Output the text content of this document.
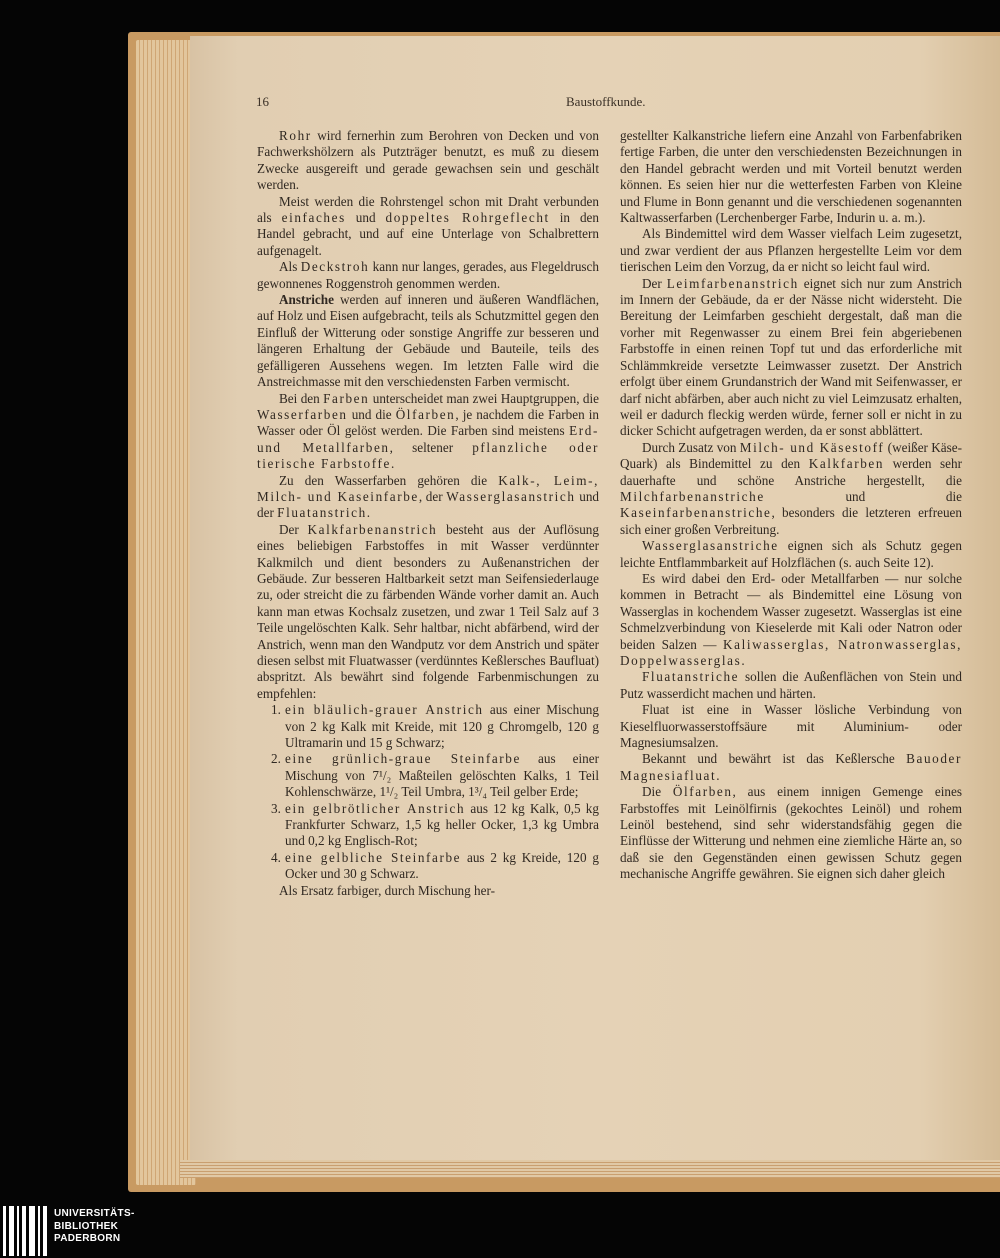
16	Baustoffkunde.

Rohr wird fernerhin zum Berohren von Decken und von Fachwerkshölzern als Putzträger benutzt, es muß zu diesem Zwecke ausgereift und gerade gewachsen sein und geschält werden.

Meist werden die Rohrstengel schon mit Draht verbunden als einfaches und doppeltes Rohrgeflecht in den Handel gebracht, und auf eine Unterlage von Schalbrettern aufgenagelt.

Als Deckstroh kann nur langes, gerades, aus Flegeldrusch gewonnenes Roggenstroh genommen werden.

Anstriche werden auf inneren und äußeren Wandflächen, auf Holz und Eisen aufgebracht, teils als Schutzmittel gegen den Einfluß der Witterung oder sonstige Angriffe zur besseren und längeren Erhaltung der Gebäude und Bauteile, teils des gefälligeren Aussehens wegen. Im letzten Falle wird die Anstreichmasse mit den verschiedensten Farben vermischt.

Bei den Farben unterscheidet man zwei Hauptgruppen, die Wasserfarben und die Ölfarben, je nachdem die Farben in Wasser oder Öl gelöst werden. Die Farben sind meistens Erd- und Metallfarben, seltener pflanzliche oder tierische Farbstoffe.

Zu den Wasserfarben gehören die Kalk-, Leim-, Milch- und Kaseinfarbe, der Wasserglasanstrich und der Fluatanstrich.

Der Kalkfarbenanstrich besteht aus der Auflösung eines beliebigen Farbstoffes in mit Wasser verdünnter Kalkmilch und dient besonders zu Außenanstrichen der Gebäude. Zur besseren Haltbarkeit setzt man Seifensiederlauge zu, oder streicht die zu färbenden Wände vorher damit an. Auch kann man etwas Kochsalz zusetzen, und zwar 1 Teil Salz auf 3 Teile ungelöschten Kalk. Sehr haltbar, nicht abfärbend, wird der Anstrich, wenn man den Wandputz vor dem Anstrich und später diesen selbst mit Fluatwasser (verdünntes Keßlersches Baufluat) abspritzt. Als bewährt sind folgende Farbenmischungen zu empfehlen:

1. ein bläulich-grauer Anstrich aus einer Mischung von 2 kg Kalk mit Kreide, mit 120 g Chromgelb, 120 g Ultramarin und 15 g Schwarz;
2. eine grünlich-graue Steinfarbe aus einer Mischung von 7¹/₂ Maßteilen gelöschten Kalks, 1 Teil Kohlenschwärze, 1¹/₂ Teil Umbra, 1³/₄ Teil gelber Erde;
3. ein gelbrötlicher Anstrich aus 12 kg Kalk, 0,5 kg Frankfurter Schwarz, 1,5 kg heller Ocker, 1,3 kg Umbra und 0,2 kg Englisch-Rot;
4. eine gelbliche Steinfarbe aus 2 kg Kreide, 120 g Ocker und 30 g Schwarz.

Als Ersatz farbiger, durch Mischung her-

gestellter Kalkanstriche liefern eine Anzahl von Farbenfabriken fertige Farben, die unter den verschiedensten Bezeichnungen in den Handel gebracht werden und mit Vorteil benutzt werden können. Es seien hier nur die wetterfesten Farben von Kleine und Flume in Bonn genannt und die verschiedenen sogenannten Kaltwasserfarben (Lerchenberger Farbe, Indurin u. a. m.).

Als Bindemittel wird dem Wasser vielfach Leim zugesetzt, und zwar verdient der aus Pflanzen hergestellte Leim vor dem tierischen Leim den Vorzug, da er nicht so leicht faul wird.

Der Leimfarbenanstrich eignet sich nur zum Anstrich im Innern der Gebäude, da er der Nässe nicht widersteht. Die Bereitung der Leimfarben geschieht dergestalt, daß man die vorher mit Regenwasser zu einem Brei fein abgeriebenen Farbstoffe in einen reinen Topf tut und das erforderliche mit Schlämmkreide versetzte Leimwasser zusetzt. Der Anstrich erfolgt über einem Grundanstrich der Wand mit Seifenwasser, er darf nicht abfärben, aber auch nicht zu viel Leimzusatz erhalten, weil er dadurch fleckig werden würde, ferner soll er nicht in zu dicker Schicht aufgetragen werden, da er sonst abblättert.

Durch Zusatz von Milch- und Käsestoff (weißer Käse-Quark) als Bindemittel zu den Kalkfarben werden sehr dauerhafte und schöne Anstriche hergestellt, die Milchfarbenanstriche und die Kaseinfarbenanstriche, besonders die letzteren erfreuen sich einer großen Verbreitung.

Wasserglasanstriche eignen sich als Schutz gegen leichte Entflammbarkeit auf Holzflächen (s. auch Seite 12).

Es wird dabei den Erd- oder Metallfarben — nur solche kommen in Betracht — als Bindemittel eine Lösung von Wasserglas in kochendem Wasser zugesetzt. Wasserglas ist eine Schmelzverbindung von Kieselerde mit Kali oder Natron oder beiden Salzen — Kaliwasserglas, Natronwasserglas, Doppelwasserglas.

Fluatanstriche sollen die Außenflächen von Stein und Putz wasserdicht machen und härten.

Fluat ist eine in Wasser lösliche Verbindung von Kieselfluorwasserstoffsäure mit Aluminium- oder Magnesiumsalzen.

Bekannt und bewährt ist das Keßlersche Bauoder Magnesiafluat.

Die Ölfarben, aus einem innigen Gemenge eines Farbstoffes mit Leinölfirnis (gekochtes Leinöl) und rohem Leinöl bestehend, sind sehr widerstandsfähig gegen die Einflüsse der Witterung und nehmen eine ziemliche Härte an, so daß sie den Gegenständen einen gewissen Schutz gegen mechanische Angriffe gewähren. Sie eignen sich daher gleich

UNIVERSITÄTS-
BIBLIOTHEK
PADERBORN
